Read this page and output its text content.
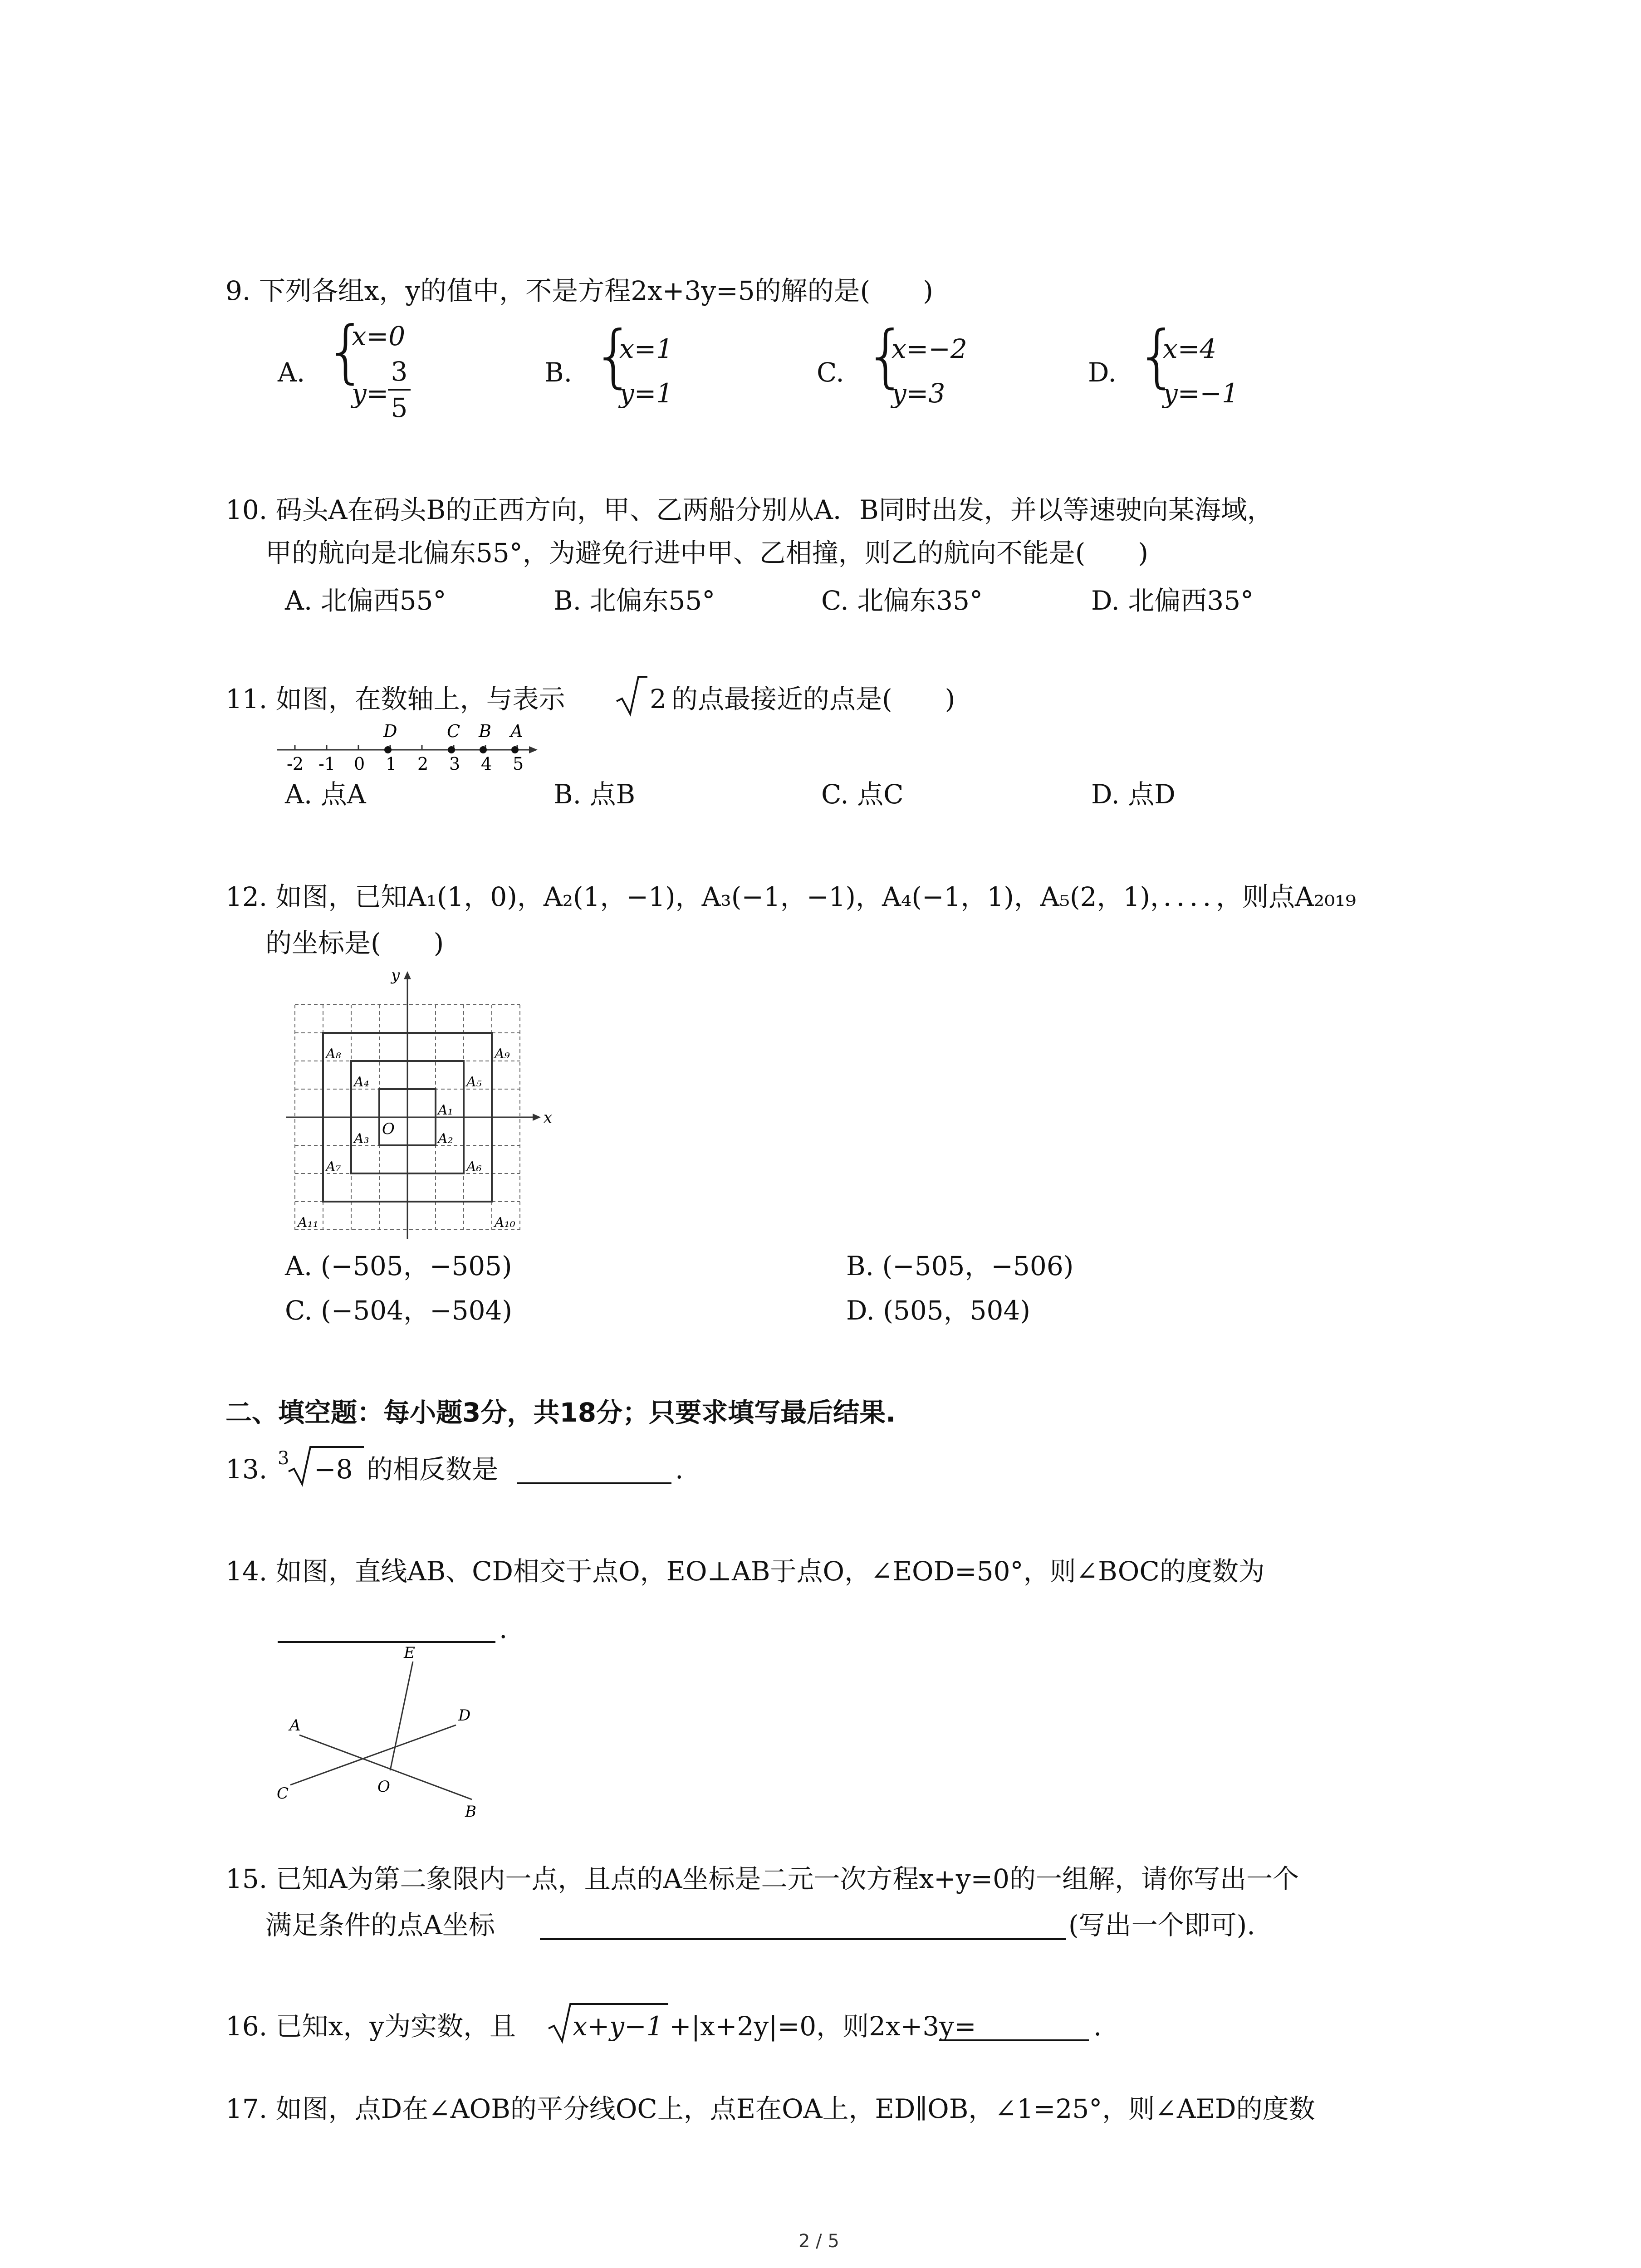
9. 下列各组x，y的值中，不是方程2x+3y=5的解的是(　　)
A. {
x=0
y=
3
5
B. {
x=1
y=1
C. {
x=−2
y=3
D. {
x=4
y=−1
10. 码头A在码头B的正西方向，甲、乙两船分别从A．B同时出发，并以等速驶向某海域，
甲的航向是北偏东55°，为避免行进中甲、乙相撞，则乙的航向不能是(　　)
A. 北偏西55°	B. 北偏东55°	C. 北偏东35°	D. 北偏西35°
11. 如图，在数轴上，与表示	2 的点最接近的点是(　　)
D	C B A
-2 -1 0 1 2 3 4 5
A. 点A	B. 点B	C. 点C	D. 点D
12. 如图，已知A₁(1，0)，A₂(1，−1)，A₃(−1，−1)，A₄(−1，1)，A₅(2，1)，．．．．，则点A₂₀₁₉
的坐标是(　　)
x
y
O
A₁
A₂
A₃
A₄	A₅
A₆
A₇
A₈	A₉
A₁₀
A₁₁
A. (−505，−505)	B. (−505，−506)
C. (−504，−504)	D. (505，504)
二、填空题：每小题3分，共18分；只要求填写最后结果.
13. 3 −8 的相反数是	.
14. 如图，直线AB、CD相交于点O，EO⊥AB于点O，∠EOD=50°，则∠BOC的度数为
.
E
A
D
O
C
B
15. 已知A为第二象限内一点，且点的A坐标是二元一次方程x+y=0的一组解，请你写出一个
满足条件的点A坐标	(写出一个即可).
16. 已知x，y为实数，且 x+y−1 +|x+2y|=0，则2x+3y=	.
17. 如图，点D在∠AOB的平分线OC上，点E在OA上，ED∥OB，∠1=25°，则∠AED的度数
2 / 5
